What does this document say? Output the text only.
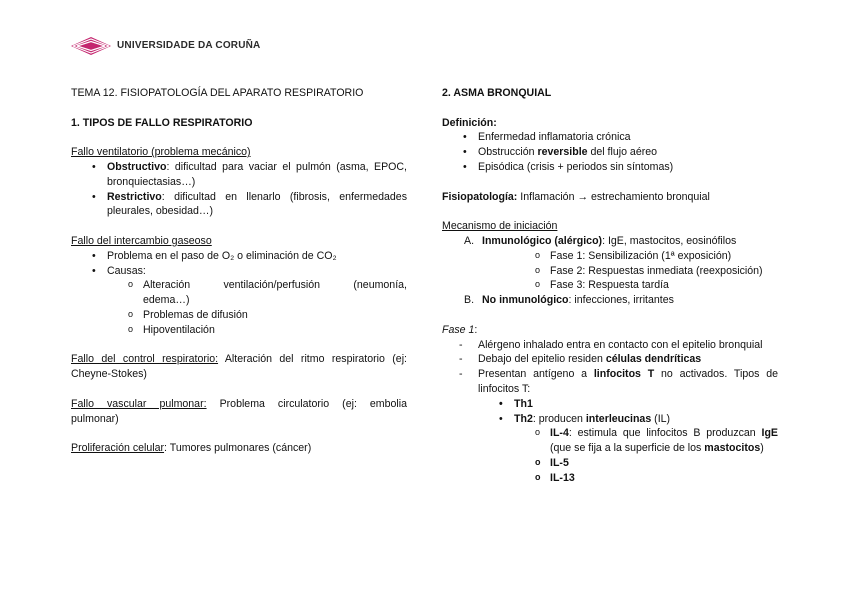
UNIVERSIDADE DA CORUÑA
TEMA 12. FISIOPATOLOGÍA DEL APARATO RESPIRATORIO
1. TIPOS DE FALLO RESPIRATORIO
Fallo ventilatorio (problema mecánico)
• Obstructivo: dificultad para vaciar el pulmón (asma, EPOC,
bronquiectasias…)
• Restrictivo: dificultad en llenarlo (fibrosis, enfermedades
pleurales, obesidad…)
Fallo del intercambio gaseoso
• Problema en el paso de O₂ o eliminación de CO₂
• Causas:
o Alteración	ventilación/perfusión	(neumonía,
edema…)
o Problemas de difusión
o Hipoventilación
Fallo del control respiratorio: Alteración del ritmo respiratorio (ej:
Cheyne-Stokes)
Fallo vascular pulmonar: Problema circulatorio (ej: embolia
pulmonar)
Proliferación celular: Tumores pulmonares (cáncer)
2. ASMA BRONQUIAL
Definición:
• Enfermedad inflamatoria crónica
• Obstrucción reversible del flujo aéreo
• Episódica (crisis + periodos sin síntomas)
Fisiopatología: Inflamación → estrechamiento bronquial
Mecanismo de iniciación
A. Inmunológico (alérgico): IgE, mastocitos, eosinófilos
o Fase 1: Sensibilización (1ª exposición)
o Fase 2: Respuestas inmediata (reexposición)
o Fase 3: Respuesta tardía
B. No inmunológico: infecciones, irritantes
Fase 1:
- Alérgeno inhalado entra en contacto con el epitelio bronquial
- Debajo del epitelio residen células dendríticas
- Presentan antígeno a linfocitos T no activados. Tipos de
linfocitos T:
• Th1
• Th2: producen interleucinas (IL)
o IL-4: estimula que linfocitos B produzcan IgE
(que se fija a la superficie de los mastocitos)
o IL-5
o IL-13
